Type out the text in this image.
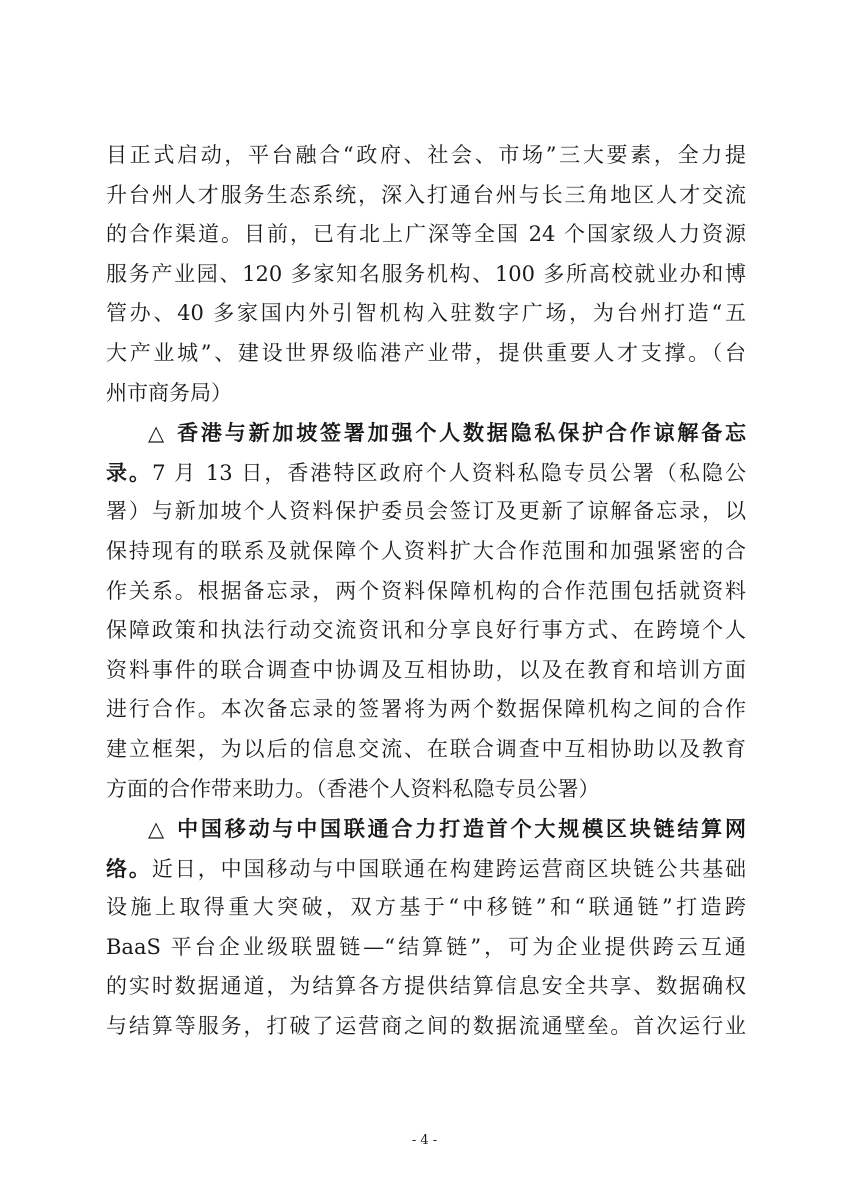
目正式启动，平台融合“政府、社会、市场”三大要素，全力提
升台州人才服务生态系统，深入打通台州与长三角地区人才交流
的合作渠道。目前，已有北上广深等全国 24 个国家级人力资源
服务产业园、120 多家知名服务机构、100 多所高校就业办和博
管办、40 多家国内外引智机构入驻数字广场，为台州打造“五
大产业城”、建设世界级临港产业带，提供重要人才支撑。（台
州市商务局）
△ 香港与新加坡签署加强个人数据隐私保护合作谅解备忘
录。7 月 13 日，香港特区政府个人资料私隐专员公署（私隐公
署）与新加坡个人资料保护委员会签订及更新了谅解备忘录，以
保持现有的联系及就保障个人资料扩大合作范围和加强紧密的合
作关系。根据备忘录，两个资料保障机构的合作范围包括就资料
保障政策和执法行动交流资讯和分享良好行事方式、在跨境个人
资料事件的联合调查中协调及互相协助，以及在教育和培训方面
进行合作。本次备忘录的签署将为两个数据保障机构之间的合作
建立框架，为以后的信息交流、在联合调查中互相协助以及教育
方面的合作带来助力。（香港个人资料私隐专员公署）
△ 中国移动与中国联通合力打造首个大规模区块链结算网
络。近日，中国移动与中国联通在构建跨运营商区块链公共基础
设施上取得重大突破，双方基于“中移链”和“联通链”打造跨
BaaS 平台企业级联盟链—“结算链”，可为企业提供跨云互通
的实时数据通道，为结算各方提供结算信息安全共享、数据确权
与结算等服务，打破了运营商之间的数据流通壁垒。首次运行业
- 4 -
